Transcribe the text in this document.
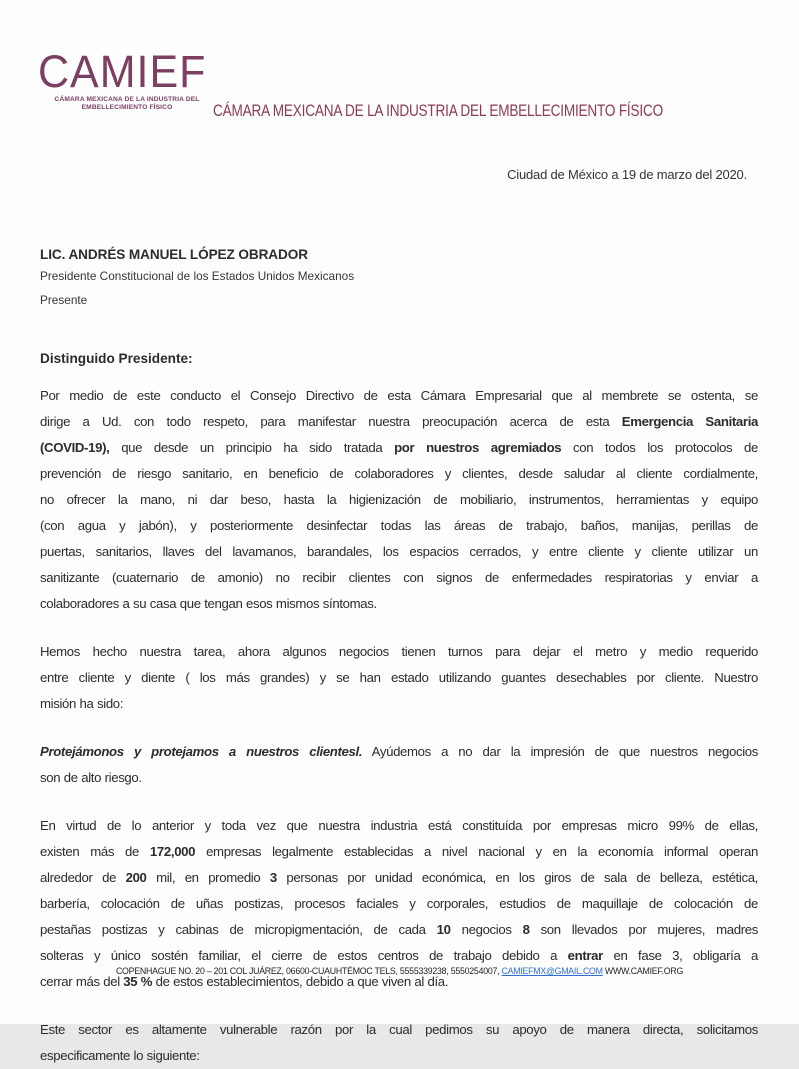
CAMIEF
CÁMARA MEXICANA DE LA INDUSTRIA DEL
EMBELLECIMIENTO FÍSICO	CÁMARA MEXICANA DE LA INDUSTRIA DEL EMBELLECIMIENTO FÍSICO
Ciudad de México a 19 de marzo del 2020.
LIC. ANDRÉS MANUEL LÓPEZ OBRADOR
Presidente Constitucional de los Estados Unidos Mexicanos
Presente
Distinguido Presidente:
Por medio de este conducto el Consejo Directivo de esta Cámara Empresarial que al membrete se ostenta, se
dirige a Ud. con todo respeto, para manifestar nuestra preocupación acerca de esta Emergencia Sanitaria
(COVID-19), que desde un principio ha sido tratada por nuestros agremiados con todos los protocolos de
prevención de riesgo sanitario, en beneficio de colaboradores y clientes, desde saludar al cliente cordialmente,
no ofrecer la mano, ni dar beso, hasta la higienización de mobiliario, instrumentos, herramientas y equipo
(con agua y jabón), y posteriormente desinfectar todas las áreas de trabajo, baños, manijas, perillas de
puertas, sanitarios, llaves del lavamanos, barandales, los espacios cerrados, y entre cliente y cliente utilizar un
sanitizante (cuaternario de amonio) no recibir clientes con signos de enfermedades respiratorias y enviar a
colaboradores a su casa que tengan esos mismos síntomas.
Hemos hecho nuestra tarea, ahora algunos negocios tienen turnos para dejar el metro y medio requerido
entre cliente y diente ( los más grandes) y se han estado utilizando guantes desechables por cliente. Nuestro
misión ha sido:
Protejámonos y protejamos a nuestros clientesl. Ayúdemos a no dar la impresión de que nuestros negocios
son de alto riesgo.
En virtud de lo anterior y toda vez que nuestra industria está constituída por empresas micro 99% de ellas,
existen más de 172,000 empresas legalmente establecidas a nivel nacional y en la economía informal operan
alrededor de 200 mil, en promedio 3 personas por unidad económica, en los giros de sala de belleza, estética,
barbería, colocación de uñas postizas, procesos faciales y corporales, estudios de maquillaje de colocación de
pestañas postizas y cabinas de micropigmentación, de cada 10 negocios 8 son llevados por mujeres, madres
solteras y único sostén familiar, el cierre de estos centros de trabajo debido a entrar en fase 3, obligaría a
cerrar más del 35 % de estos establecimientos, debido a que viven al día.
Este sector es altamente vulnerable razón por la cual pedimos su apoyo de manera directa, solicitamos
especificamente lo siguiente:
COPENHAGUE NO. 20 – 201 COL JUÁREZ, 06600-CUAUHTÉMOC TELS, 5555339238, 5550254007, CAMIEFMX@GMAIL.COM WWW.CAMIEF.ORG
